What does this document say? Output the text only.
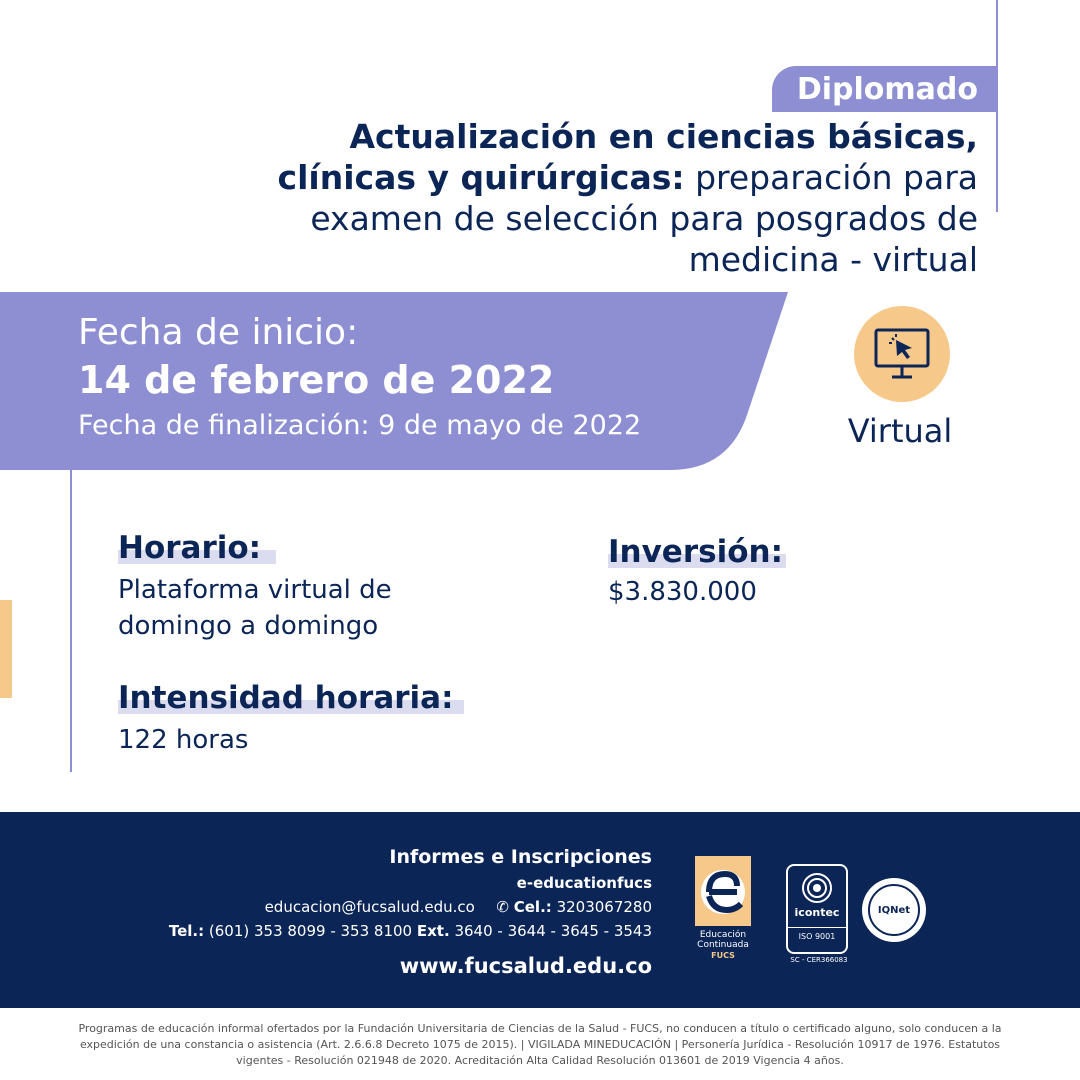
Diplomado
Actualización en ciencias básicas, clínicas y quirúrgicas: preparación para examen de selección para posgrados de medicina - virtual
Fecha de inicio:
14 de febrero de 2022
Fecha de finalización: 9 de mayo de 2022	Virtual
Horario:
Plataforma virtual de
domingo a domingo
Inversión:
$3.830.000
Intensidad horaria:
122 horas
Informes e Inscripciones
e-educationfucs
educacion@fucsalud.edu.co ✆ Cel.: 3203067280
Tel.: (601) 353 8099 - 353 8100 Ext. 3640 - 3644 - 3645 - 3543
www.fucsalud.edu.co
Educación
Continuada
FUCS
icontec
ISO 9001
SC - CER366083
IQNet
Programas de educación informal ofertados por la Fundación Universitaria de Ciencias de la Salud - FUCS, no conducen a título o certificado alguno, solo conducen a la expedición de una constancia o asistencia (Art. 2.6.6.8 Decreto 1075 de 2015). | VIGILADA MINEDUCACIÓN | Personería Jurídica - Resolución 10917 de 1976. Estatutos vigentes - Resolución 021948 de 2020. Acreditación Alta Calidad Resolución 013601 de 2019 Vigencia 4 años.
